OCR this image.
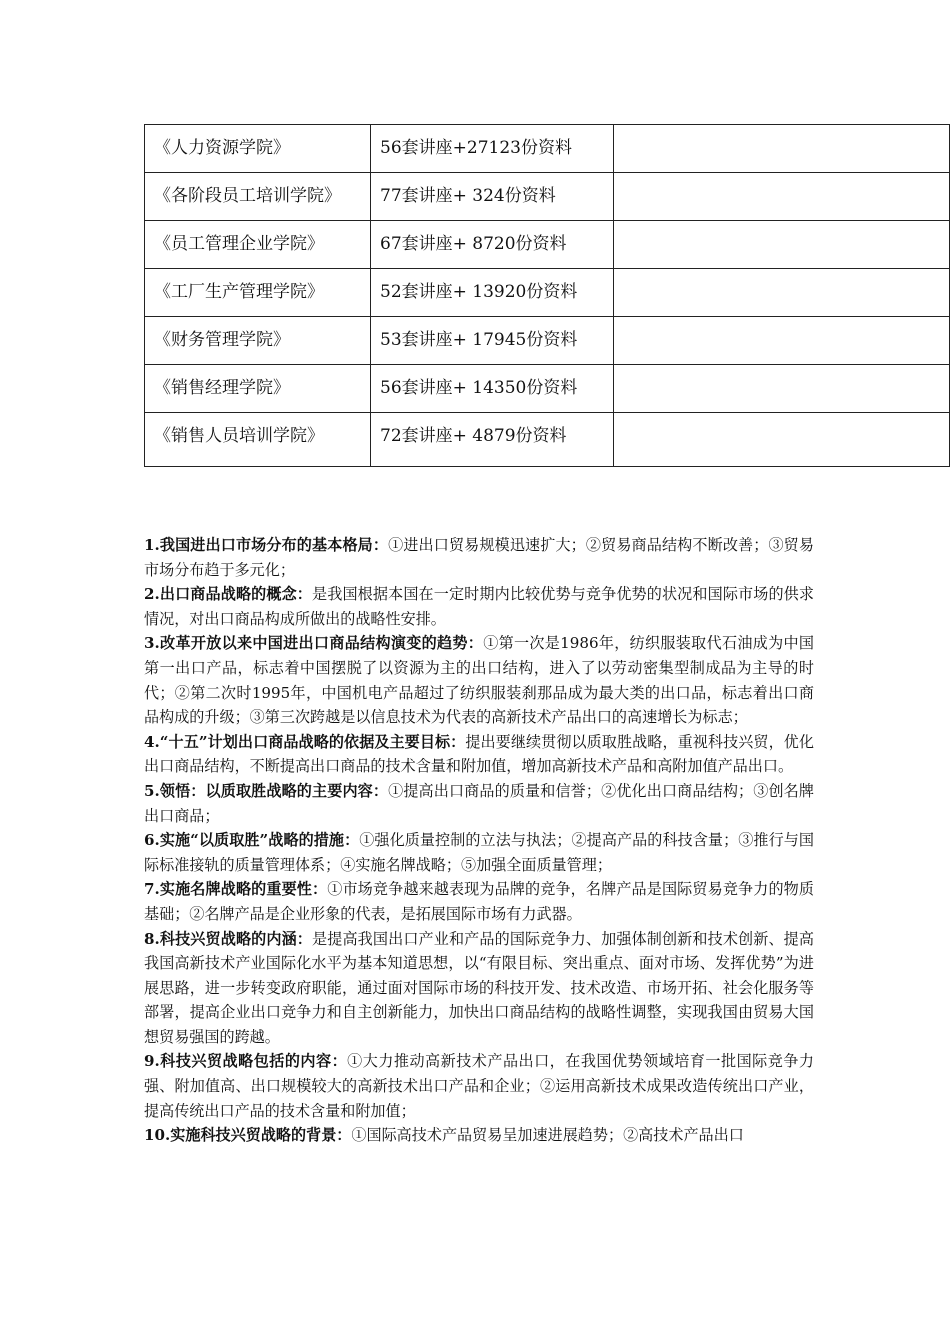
《人力资源学院》	56套讲座+27123份资料	
《各阶段员工培训学院》	77套讲座+ 324份资料	
《员工管理企业学院》	67套讲座+ 8720份资料	
《工厂生产管理学院》	52套讲座+ 13920份资料	
《财务管理学院》	53套讲座+ 17945份资料	
《销售经理学院》	56套讲座+ 14350份资料	
《销售人员培训学院》	72套讲座+ 4879份资料	

1.我国进出口市场分布的基本格局：①进出口贸易规模迅速扩大；②贸易商品结构不断改善；③贸易市场分布趋于多元化；

2.出口商品战略的概念：是我国根据本国在一定时期内比较优势与竞争优势的状况和国际市场的供求情况，对出口商品构成所做出的战略性安排。

3.改革开放以来中国进出口商品结构演变的趋势：①第一次是1986年，纺织服装取代石油成为中国第一出口产品，标志着中国摆脱了以资源为主的出口结构，进入了以劳动密集型制成品为主导的时代；②第二次时1995年，中国机电产品超过了纺织服装刹那品成为最大类的出口品，标志着出口商品构成的升级；③第三次跨越是以信息技术为代表的高新技术产品出口的高速增长为标志；

4.“十五”计划出口商品战略的依据及主要目标：提出要继续贯彻以质取胜战略，重视科技兴贸，优化出口商品结构，不断提高出口商品的技术含量和附加值，增加高新技术产品和高附加值产品出口。

5.领悟：以质取胜战略的主要内容：①提高出口商品的质量和信誉；②优化出口商品结构；③创名牌出口商品；

6.实施“以质取胜”战略的措施：①强化质量控制的立法与执法；②提高产品的科技含量；③推行与国际标准接轨的质量管理体系；④实施名牌战略；⑤加强全面质量管理；

7.实施名牌战略的重要性：①市场竞争越来越表现为品牌的竞争，名牌产品是国际贸易竞争力的物质基础；②名牌产品是企业形象的代表，是拓展国际市场有力武器。

8.科技兴贸战略的内涵：是提高我国出口产业和产品的国际竞争力、加强体制创新和技术创新、提高我国高新技术产业国际化水平为基本知道思想，以“有限目标、突出重点、面对市场、发挥优势”为进展思路，进一步转变政府职能，通过面对国际市场的科技开发、技术改造、市场开拓、社会化服务等部署，提高企业出口竞争力和自主创新能力，加快出口商品结构的战略性调整，实现我国由贸易大国想贸易强国的跨越。

9.科技兴贸战略包括的内容：①大力推动高新技术产品出口，在我国优势领域培育一批国际竞争力强、附加值高、出口规模较大的高新技术出口产品和企业；②运用高新技术成果改造传统出口产业，提高传统出口产品的技术含量和附加值；

10.实施科技兴贸战略的背景：①国际高技术产品贸易呈加速进展趋势；②高技术产品出口
